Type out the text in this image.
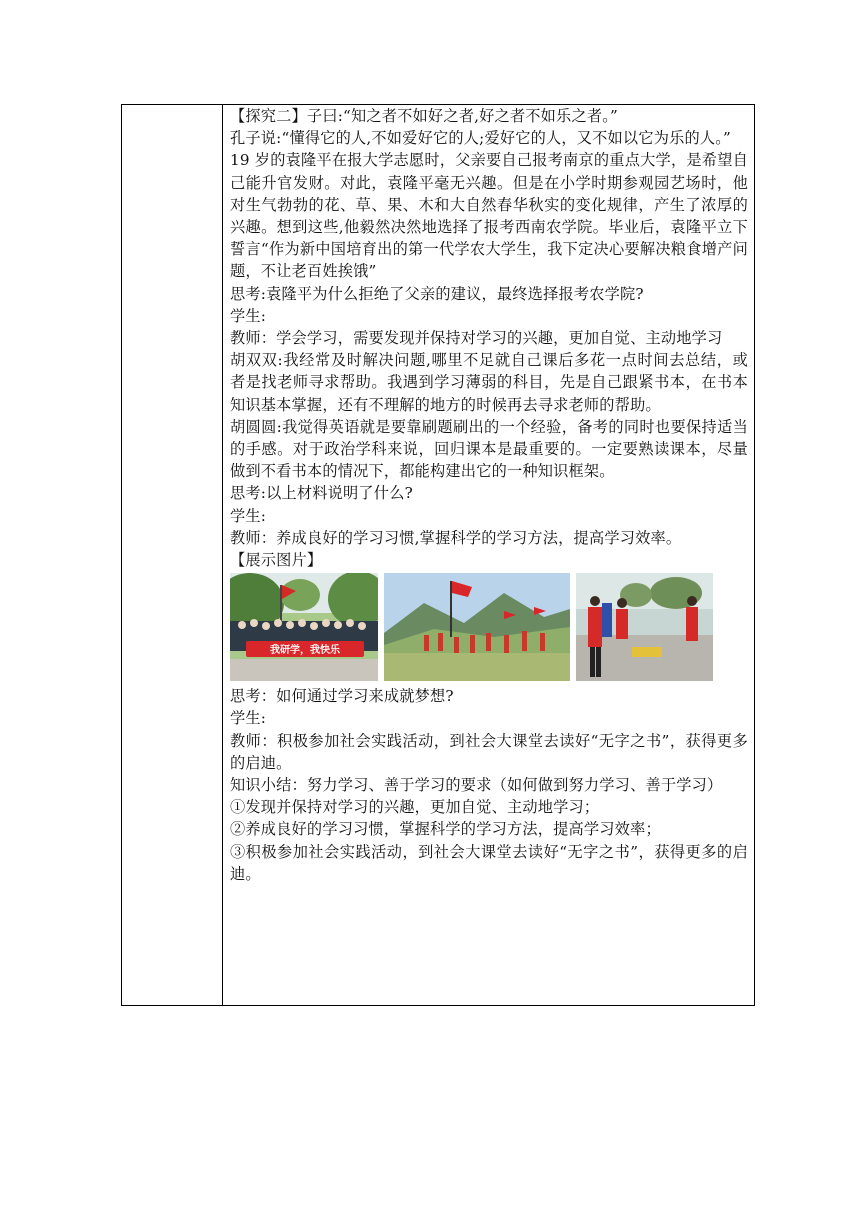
【探究二】子曰:“知之者不如好之者,好之者不如乐之者。”

孔子说:“懂得它的人,不如爱好它的人;爱好它的人，又不如以它为乐的人。”

19 岁的袁隆平在报大学志愿时，父亲要自己报考南京的重点大学，是希望自己能升官发财。对此，袁隆平毫无兴趣。但是在小学时期参观园艺场时，他对生气勃勃的花、草、果、木和大自然春华秋实的变化规律，产生了浓厚的兴趣。想到这些,他毅然决然地选择了报考西南农学院。毕业后，袁隆平立下誓言“作为新中国培育出的第一代学农大学生，我下定决心要解决粮食增产问题，不让老百姓挨饿”

思考:袁隆平为什么拒绝了父亲的建议，最终选择报考农学院?

学生:

教师：学会学习，需要发现并保持对学习的兴趣，更加自觉、主动地学习

胡双双:我经常及时解决问题,哪里不足就自己课后多花一点时间去总结，或者是找老师寻求帮助。我遇到学习薄弱的科目，先是自己跟紧书本，在书本知识基本掌握，还有不理解的地方的时候再去寻求老师的帮助。

胡圆圆:我觉得英语就是要靠刷题刷出的一个经验，备考的同时也要保持适当的手感。对于政治学科来说，回归课本是最重要的。一定要熟读课本，尽量做到不看书本的情况下，都能构建出它的一种知识框架。

思考:以上材料说明了什么?

学生:

教师：养成良好的学习习惯,掌握科学的学习方法，提高学习效率。

【展示图片】

我研学，我快乐

思考：如何通过学习来成就梦想?

学生:

教师：积极参加社会实践活动，到社会大课堂去读好“无字之书”，获得更多的启迪。

知识小结：努力学习、善于学习的要求（如何做到努力学习、善于学习）

①发现并保持对学习的兴趣，更加自觉、主动地学习；

②养成良好的学习习惯，掌握科学的学习方法，提高学习效率；

③积极参加社会实践活动，到社会大课堂去读好“无字之书”，获得更多的启迪。
